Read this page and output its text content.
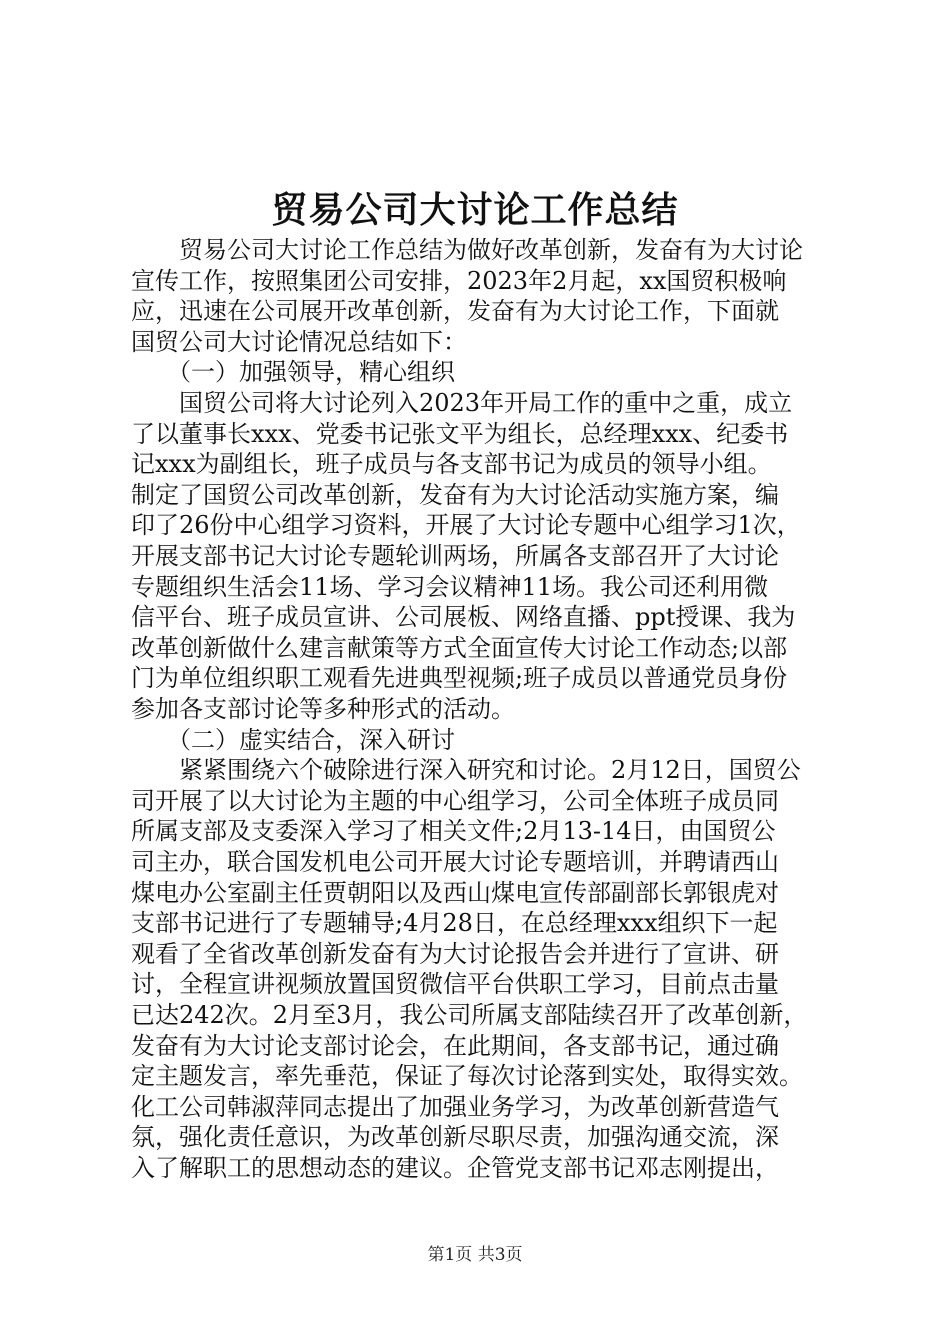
贸易公司大讨论工作总结
　　贸易公司大讨论工作总结为做好改革创新，发奋有为大讨论
宣传工作，按照集团公司安排，2023年2月起，xx国贸积极响
应，迅速在公司展开改革创新，发奋有为大讨论工作，下面就
国贸公司大讨论情况总结如下：
　　（一）加强领导，精心组织
　　国贸公司将大讨论列入2023年开局工作的重中之重，成立
了以董事长xxx、党委书记张文平为组长，总经理xxx、纪委书
记xxx为副组长，班子成员与各支部书记为成员的领导小组。
制定了国贸公司改革创新，发奋有为大讨论活动实施方案，编
印了26份中心组学习资料，开展了大讨论专题中心组学习1次，
开展支部书记大讨论专题轮训两场，所属各支部召开了大讨论
专题组织生活会11场、学习会议精神11场。我公司还利用微
信平台、班子成员宣讲、公司展板、网络直播、ppt授课、我为
改革创新做什么建言献策等方式全面宣传大讨论工作动态;以部
门为单位组织职工观看先进典型视频;班子成员以普通党员身份
参加各支部讨论等多种形式的活动。
　　（二）虚实结合，深入研讨
　　紧紧围绕六个破除进行深入研究和讨论。2月12日，国贸公
司开展了以大讨论为主题的中心组学习，公司全体班子成员同
所属支部及支委深入学习了相关文件;2月13-14日，由国贸公
司主办，联合国发机电公司开展大讨论专题培训，并聘请西山
煤电办公室副主任贾朝阳以及西山煤电宣传部副部长郭银虎对
支部书记进行了专题辅导;4月28日，在总经理xxx组织下一起
观看了全省改革创新发奋有为大讨论报告会并进行了宣讲、研
讨，全程宣讲视频放置国贸微信平台供职工学习，目前点击量
已达242次。2月至3月，我公司所属支部陆续召开了改革创新，
发奋有为大讨论支部讨论会，在此期间，各支部书记，通过确
定主题发言，率先垂范，保证了每次讨论落到实处，取得实效。
化工公司韩淑萍同志提出了加强业务学习，为改革创新营造气
氛，强化责任意识，为改革创新尽职尽责，加强沟通交流，深
入了解职工的思想动态的建议。企管党支部书记邓志刚提出，
第1页 共3页
